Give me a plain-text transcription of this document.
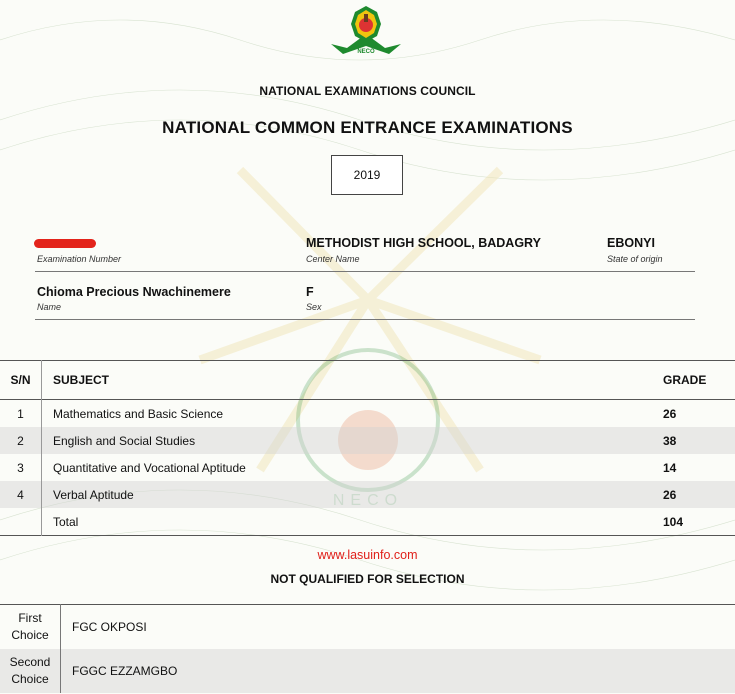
NECO
NECO
NATIONAL EXAMINATIONS COUNCIL
NATIONAL COMMON ENTRANCE EXAMINATIONS
2019
Examination Number
METHODIST HIGH SCHOOL, BADAGRY
Center Name
EBONYI
State of origin
Chioma Precious Nwachinemere
Name
F
Sex
S/N	SUBJECT	GRADE
1	Mathematics and Basic Science	26
2	English and Social Studies	38
3	Quantitative and Vocational Aptitude	14
4	Verbal Aptitude	26
	Total	104
www.lasuinfo.com
NOT QUALIFIED FOR SELECTION
First
Choice	FGC OKPOSI

Second
Choice	FGGC EZZAMGBO
